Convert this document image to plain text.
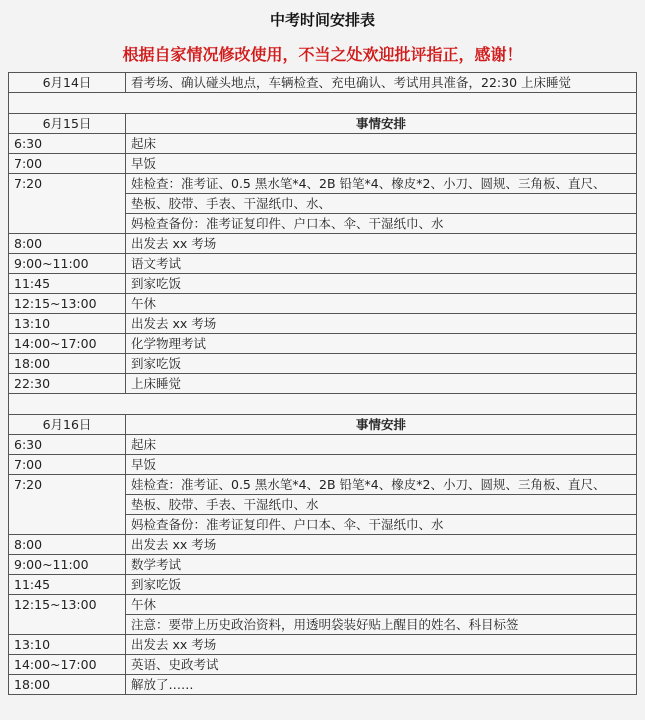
中考时间安排表
根据自家情况修改使用，不当之处欢迎批评指正，感谢！
6月14日	看考场、确认碰头地点，车辆检查、充电确认、考试用具准备，22:30 上床睡觉

6月15日	事情安排
6:30	起床
7:00	早饭
7:20	娃检查：准考证、0.5 黑水笔*4、2B 铅笔*4、橡皮*2、小刀、圆规、三角板、直尺、
	垫板、胶带、手表、干湿纸巾、水、
	妈检查备份：准考证复印件、户口本、伞、干湿纸巾、水
8:00	出发去 xx 考场
9:00~11:00	语文考试
11:45	到家吃饭
12:15~13:00	午休
13:10	出发去 xx 考场
14:00~17:00	化学物理考试
18:00	到家吃饭
22:30	上床睡觉

6月16日	事情安排
6:30	起床
7:00	早饭
7:20	娃检查：准考证、0.5 黑水笔*4、2B 铅笔*4、橡皮*2、小刀、圆规、三角板、直尺、
	垫板、胶带、手表、干湿纸巾、水
	妈检查备份：准考证复印件、户口本、伞、干湿纸巾、水
8:00	出发去 xx 考场
9:00~11:00	数学考试
11:45	到家吃饭
12:15~13:00	午休
	注意：要带上历史政治资料，用透明袋装好贴上醒目的姓名、科目标签
13:10	出发去 xx 考场
14:00~17:00	英语、史政考试
18:00	解放了……
